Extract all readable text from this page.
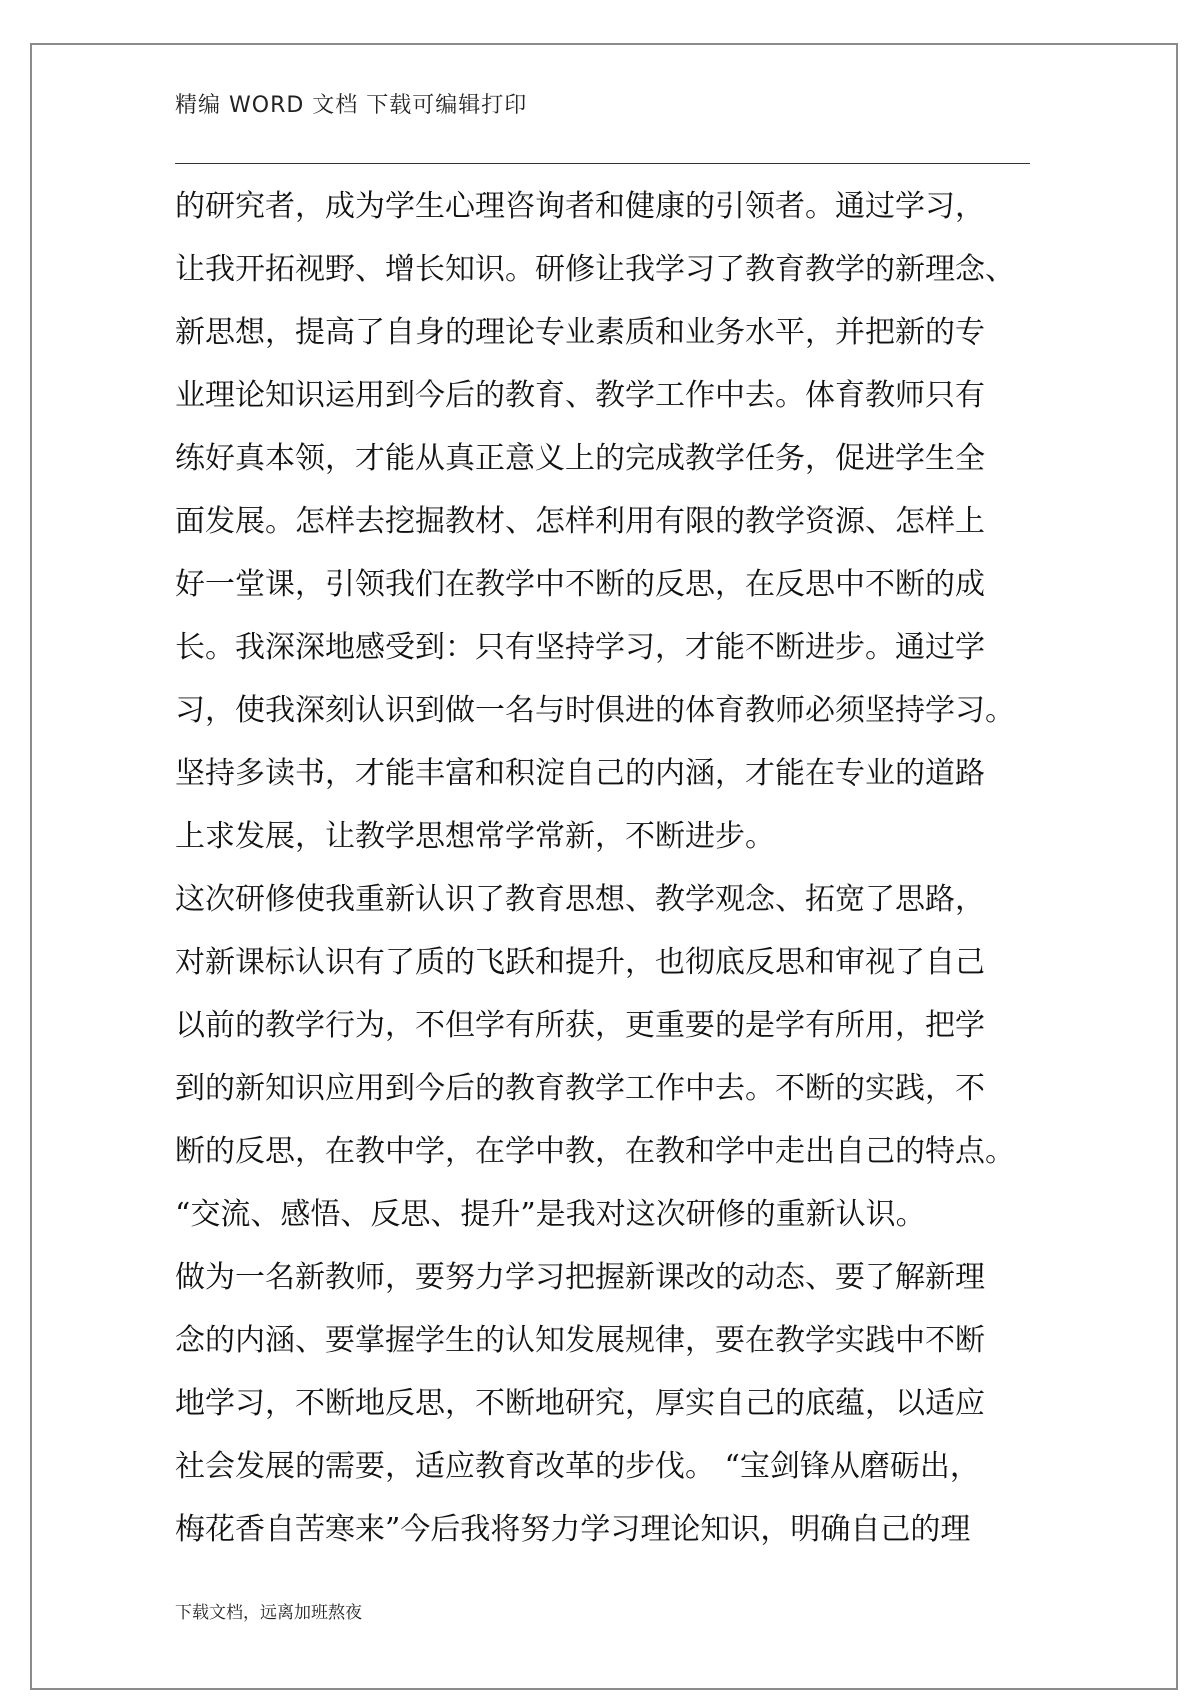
精编 WORD 文档 下载可编辑打印
的研究者，成为学生心理咨询者和健康的引领者。通过学习，
让我开拓视野、增长知识。研修让我学习了教育教学的新理念、
新思想，提高了自身的理论专业素质和业务水平，并把新的专
业理论知识运用到今后的教育、教学工作中去。体育教师只有
练好真本领，才能从真正意义上的完成教学任务，促进学生全
面发展。怎样去挖掘教材、怎样利用有限的教学资源、怎样上
好一堂课，引领我们在教学中不断的反思，在反思中不断的成
长。我深深地感受到：只有坚持学习，才能不断进步。通过学
习，使我深刻认识到做一名与时俱进的体育教师必须坚持学习。
坚持多读书，才能丰富和积淀自己的内涵，才能在专业的道路
上求发展，让教学思想常学常新，不断进步。
这次研修使我重新认识了教育思想、教学观念、拓宽了思路，
对新课标认识有了质的飞跃和提升，也彻底反思和审视了自己
以前的教学行为，不但学有所获，更重要的是学有所用，把学
到的新知识应用到今后的教育教学工作中去。不断的实践，不
断的反思，在教中学，在学中教，在教和学中走出自己的特点。
“交流、感悟、反思、提升”是我对这次研修的重新认识。
做为一名新教师，要努力学习把握新课改的动态、要了解新理
念的内涵、要掌握学生的认知发展规律，要在教学实践中不断
地学习，不断地反思，不断地研究，厚实自己的底蕴，以适应
社会发展的需要，适应教育改革的步伐。 “宝剑锋从磨砺出，
梅花香自苦寒来”今后我将努力学习理论知识，明确自己的理
下载文档，远离加班熬夜
